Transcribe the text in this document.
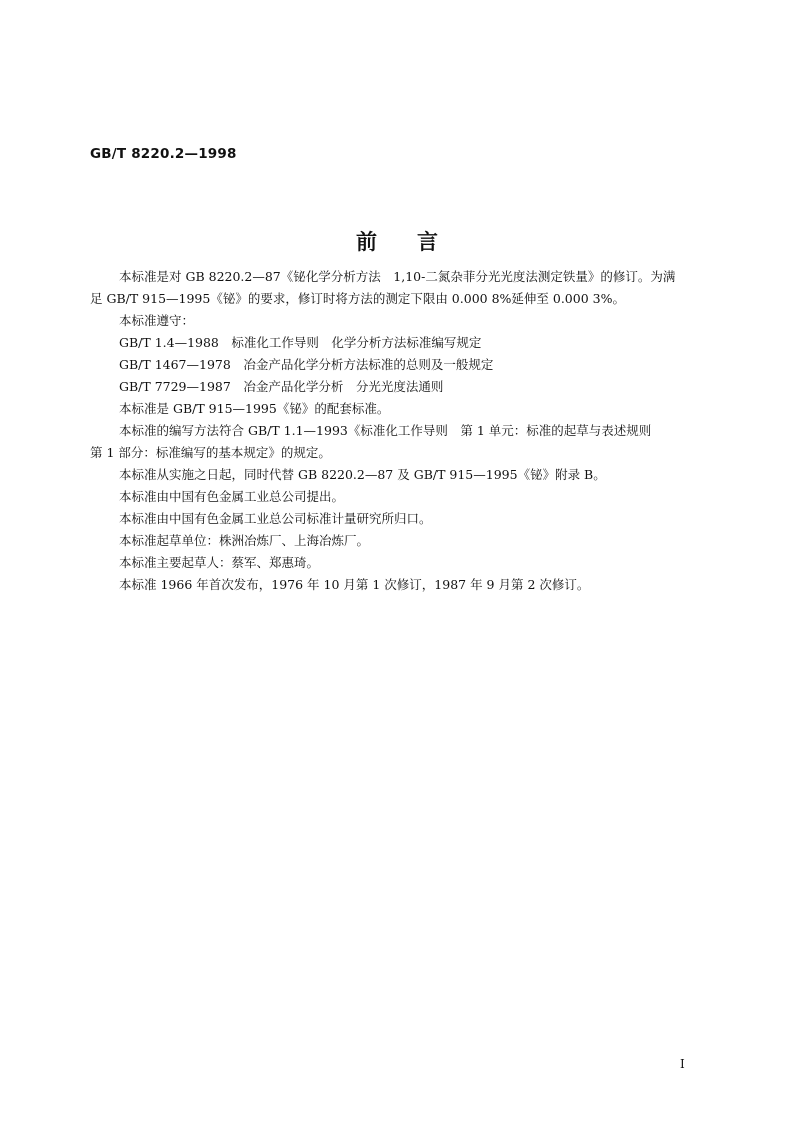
GB/T 8220.2—1998
前言

本标准是对 GB 8220.2—87《铋化学分析方法　1,10-二氮杂菲分光光度法测定铁量》的修订。为满

足 GB/T 915—1995《铋》的要求，修订时将方法的测定下限由 0.000 8%延伸至 0.000 3%。

本标准遵守：

GB/T 1.4—1988　标准化工作导则　化学分析方法标准编写规定

GB/T 1467—1978　冶金产品化学分析方法标准的总则及一般规定

GB/T 7729—1987　冶金产品化学分析　分光光度法通则

本标准是 GB/T 915—1995《铋》的配套标准。

本标准的编写方法符合 GB/T 1.1—1993《标准化工作导则　第 1 单元：标准的起草与表述规则

第 1 部分：标准编写的基本规定》的规定。

本标准从实施之日起，同时代替 GB 8220.2—87 及 GB/T 915—1995《铋》附录 B。

本标准由中国有色金属工业总公司提出。

本标准由中国有色金属工业总公司标准计量研究所归口。

本标准起草单位：株洲冶炼厂、上海冶炼厂。

本标准主要起草人：蔡军、郑惠琦。

本标准 1966 年首次发布，1976 年 10 月第 1 次修订，1987 年 9 月第 2 次修订。

I
